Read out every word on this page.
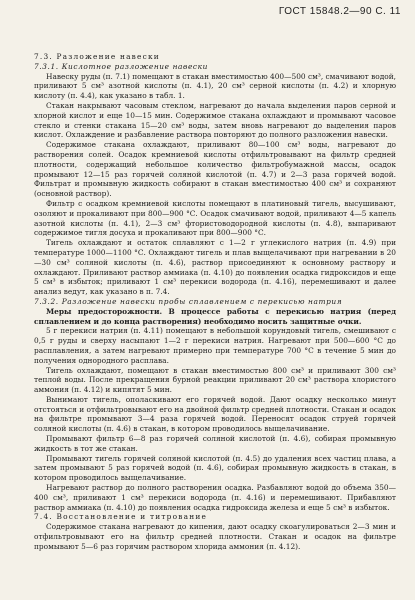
ГОСТ 15848.2—90 С. 11

7.3. Разложение навески

7.3.1. Кислотное разложение навески

Навеску руды (п. 7.1) помещают в стакан вместимостью 400—500 см³, смачивают водой, приливают 5 см³ азотной кислоты (п. 4.1), 20 см³ серной кислоты (п. 4.2) и хлорную кислоту (п. 4.4), как указано в табл. 1.

Стакан накрывают часовым стеклом, нагревают до начала выделения паров серной и хлорной кислот и еще 10—15 мин. Содержимое стакана охлаждают и промывают часовое стекло и стенки стакана 15—20 см³ воды, затем вновь нагревают до выделения паров кислот. Охлаждение и разбавление раствора повторяют до полного разложения навески.

Содержимое стакана охлаждают, приливают 80—100 см³ воды, нагревают до растворения солей. Осадок кремниевой кислоты отфильтровывают на фильтр средней плотности, содержащий небольшое количество фильтробумажной массы, осадок промывают 12—15 раз горячей соляной кислотой (п. 4.7) и 2—3 раза горячей водой. Фильтрат и промывную жидкость собирают в стакан вместимостью 400 см³ и сохраняют (основной раствор).

Фильтр с осадком кремниевой кислоты помещают в платиновый тигель, высушивают, озоляют и прокаливают при 800—900 °С. Осадок смачивают водой, приливают 4—5 капель азотной кислоты (п. 4.1), 2—3 см³ фтористоводородной кислоты (п. 4.8), выпаривают содержимое тигля досуха и прокаливают при 800—900 °С.

Тигель охлаждают и остаток сплавляют с 1—2 г углекислого натрия (п. 4.9) при температуре 1000—1100 °С. Охлаждают тигель и плав выщелачивают при нагревании в 20—30 см³ соляной кислоты (п. 4.6), раствор присоединяют к основному раствору и охлаждают. Приливают раствор аммиака (п. 4.10) до появления осадка гидроксидов и еще 5 см³ в избыток; приливают 1 см³ перекиси водорода (п. 4.16), перемешивают и далее анализ ведут, как указано в п. 7.4.

7.3.2. Разложение навески пробы сплавлением с перекисью натрия

Меры предосторожности. В процессе работы с перекисью натрия (перед сплавлением и до конца растворения) необходимо носить защитные очки.

5 г перекиси натрия (п. 4.11) помещают в небольшой корундовый тигель, смешивают с 0,5 г руды и сверху насыпают 1—2 г перекиси натрия. Нагревают при 500—600 °С до расплавления, а затем нагревают примерно при температуре 700 °С в течение 5 мин до получения однородного расплава.

Тигель охлаждают, помещают в стакан вместимостью 800 см³ и приливают 300 см³ теплой воды. После прекращения бурной реакции приливают 20 см³ раствора хлористого аммония (п. 4.12) и кипятят 5 мин.

Вынимают тигель, ополаскивают его горячей водой. Дают осадку несколько минут отстояться и отфильтровывают его на двойной фильтр средней плотности. Стакан и осадок на фильтре промывают 3—4 раза горячей водой. Переносят осадок струей горячей соляной кислоты (п. 4.6) в стакан, в котором проводилось выщелачивание.

Промывают фильтр 6—8 раз горячей соляной кислотой (п. 4.6), собирая промывную жидкость в тот же стакан.

Промывают тигель горячей соляной кислотой (п. 4.5) до удаления всех частиц плава, а затем промывают 5 раз горячей водой (п. 4.6), собирая промывную жидкость в стакан, в котором проводилось выщелачивание.

Нагревают раствор до полного растворения осадка. Разбавляют водой до объема 350—400 см³, приливают 1 см³ перекиси водорода (п. 4.16) и перемешивают. Прибавляют раствор аммиака (п. 4.10) до появления осадка гидроксида железа и еще 5 см³ в избыток.

7.4. Восстановление и титрование

Содержимое стакана нагревают до кипения, дают осадку скоагулироваться 2—3 мин и отфильтровывают его на фильтр средней плотности. Стакан и осадок на фильтре промывают 5—6 раз горячим раствором хлорида аммония (п. 4.12).
